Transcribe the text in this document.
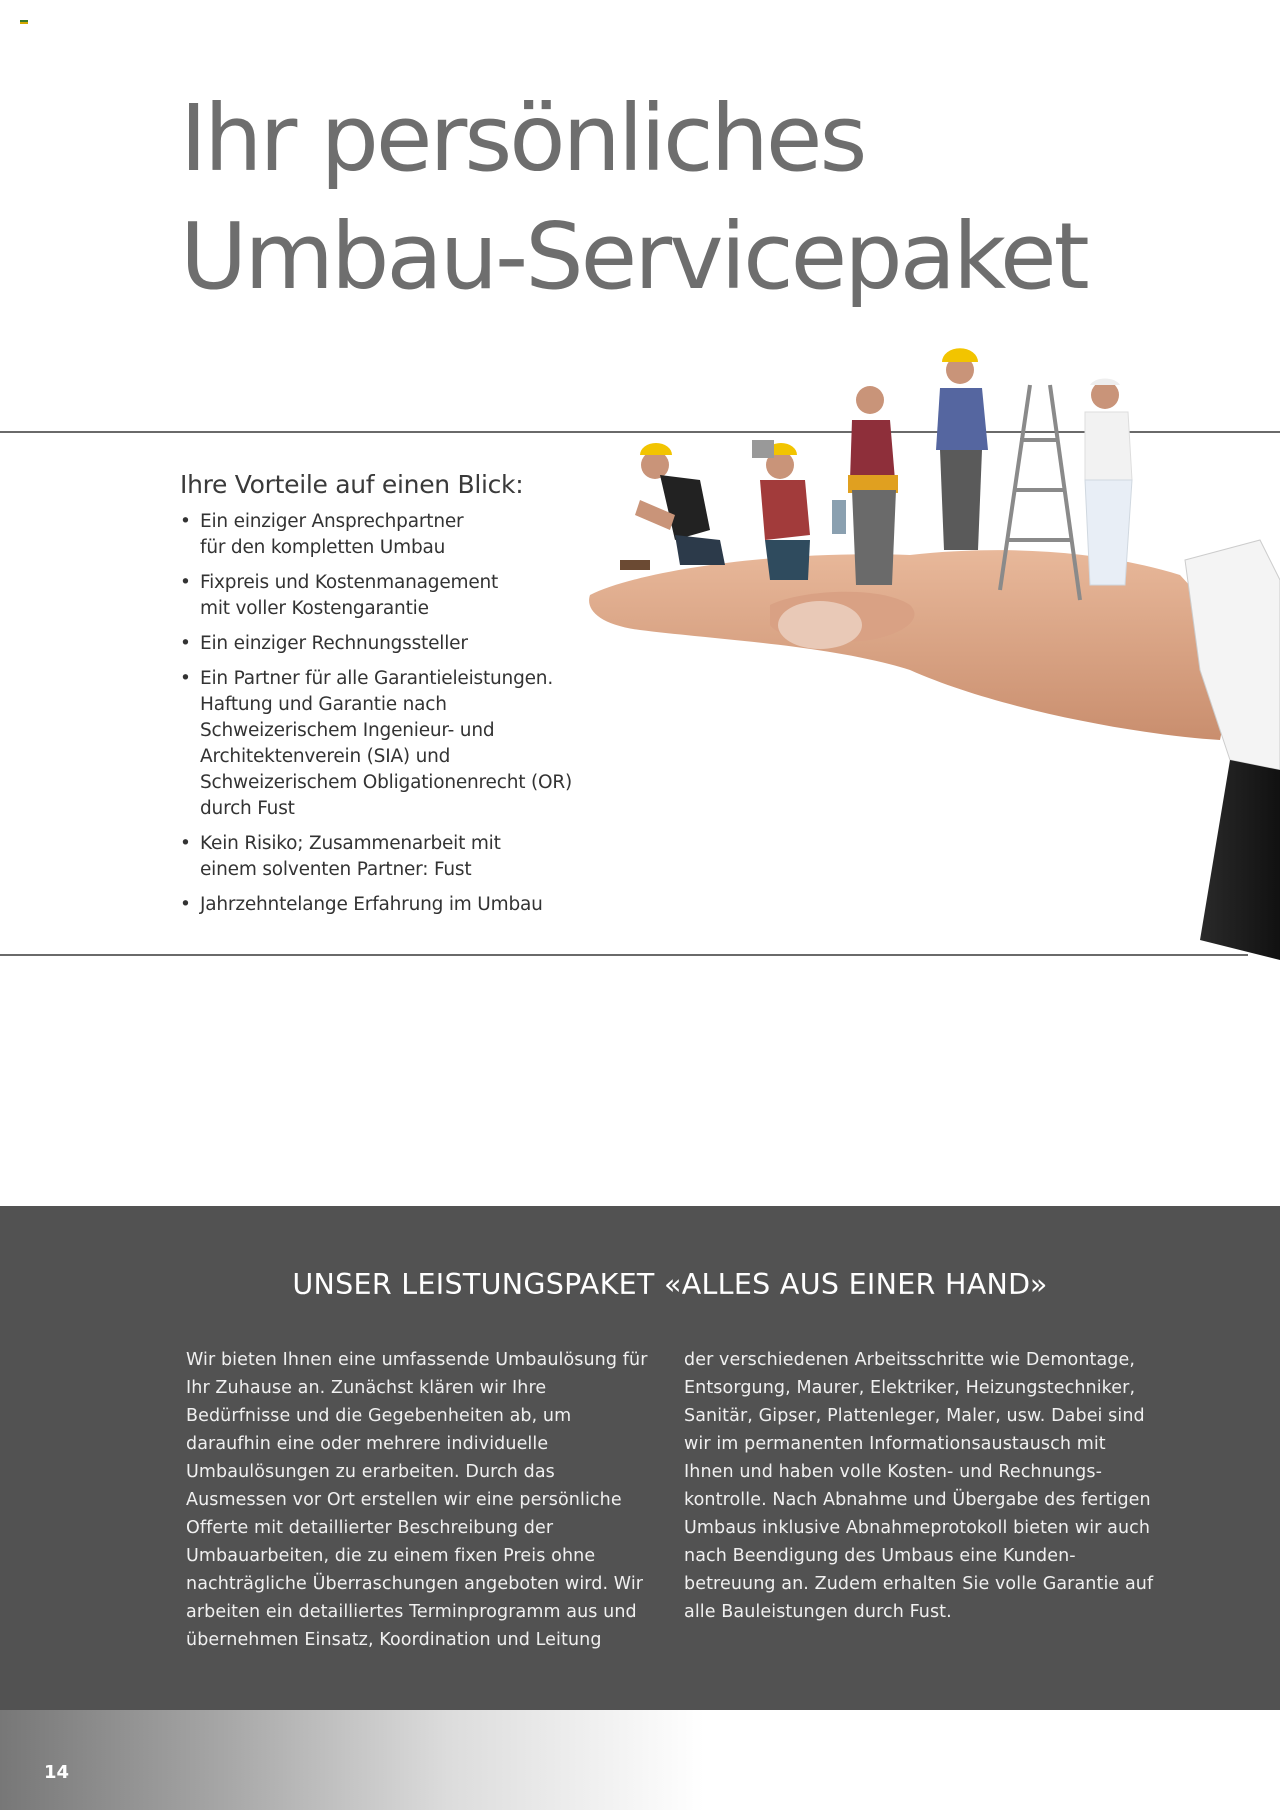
Ihr persönliches
Umbau-Servicepaket
Ihre Vorteile auf einen Blick:
• Ein einziger Ansprechpartner
für den kompletten Umbau
• Fixpreis und Kostenmanagement
mit voller Kostengarantie
• Ein einziger Rechnungssteller
• Ein Partner für alle Garantieleistungen.
Haftung und Garantie nach
Schweizerischem Ingenieur- und
Architektenverein (SIA) und
Schweizerischem Obligationenrecht (OR)
durch Fust
• Kein Risiko; Zusammenarbeit mit
einem solventen Partner: Fust
• Jahrzehntelange Erfahrung im Umbau
UNSER LEISTUNGSPAKET «ALLES AUS EINER HAND»

Wir bieten Ihnen eine umfassende Umbaulösung für Ihr Zuhause an. Zunächst klären wir Ihre Bedürfnisse und die Gegebenheiten ab, um daraufhin eine oder mehrere individuelle Umbaulösungen zu erarbeiten. Durch das Ausmessen vor Ort erstellen wir eine persönliche Offerte mit detaillierter Beschreibung der Umbauarbeiten, die zu einem fixen Preis ohne nachträgliche Überraschungen angeboten wird. Wir arbeiten ein detailliertes Terminprogramm aus und übernehmen Einsatz, Koordination und Leitung

der verschiedenen Arbeitsschritte wie Demontage, Entsorgung, Maurer, Elektriker, Heizungstechniker, Sanitär, Gipser, Plattenleger, Maler, usw. Dabei sind wir im permanenten Informationsaustausch mit Ihnen und haben volle Kosten- und Rechnungs- kontrolle. Nach Abnahme und Übergabe des fertigen Umbaus inklusive Abnahmeprotokoll bieten wir auch nach Beendigung des Umbaus eine Kunden- betreuung an. Zudem erhalten Sie volle Garantie auf alle Bauleistungen durch Fust.

14
